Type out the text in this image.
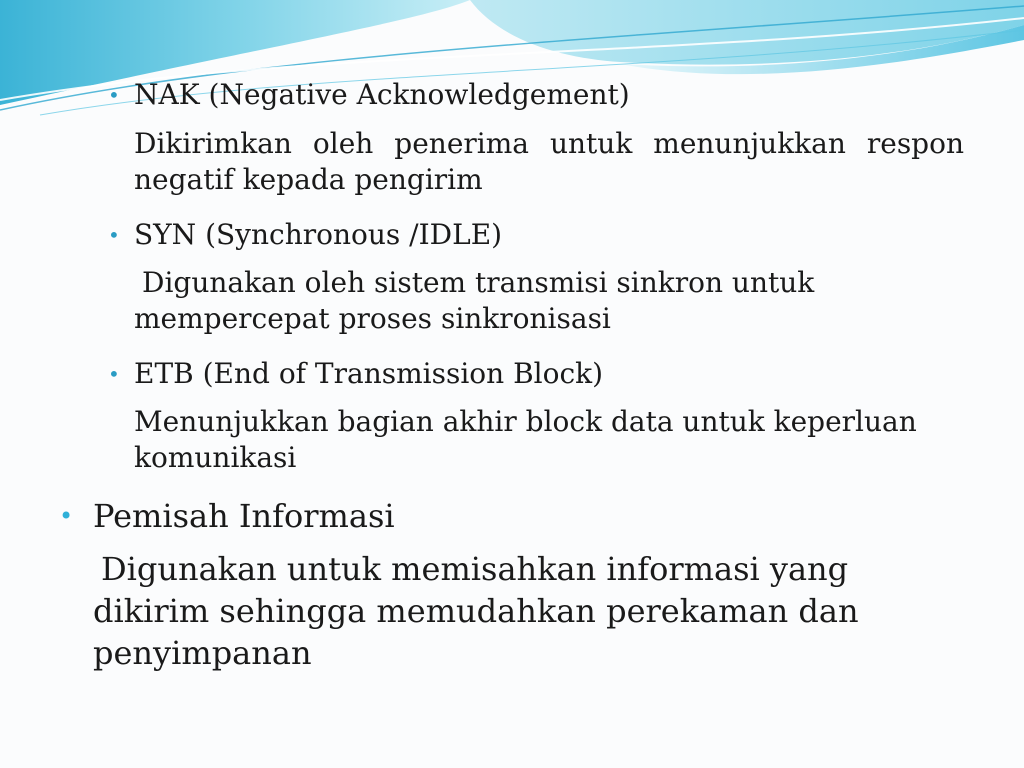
• NAK (Negative Acknowledgement)
Dikirimkan oleh penerima untuk menunjukkan respon
negatif kepada pengirim
• SYN (Synchronous /IDLE)
Digunakan oleh sistem transmisi sinkron untuk
mempercepat proses sinkronisasi
• ETB (End of Transmission Block)
Menunjukkan bagian akhir block data untuk keperluan
komunikasi
• Pemisah Informasi
Digunakan untuk memisahkan informasi yang
dikirim sehingga memudahkan perekaman dan
penyimpanan
